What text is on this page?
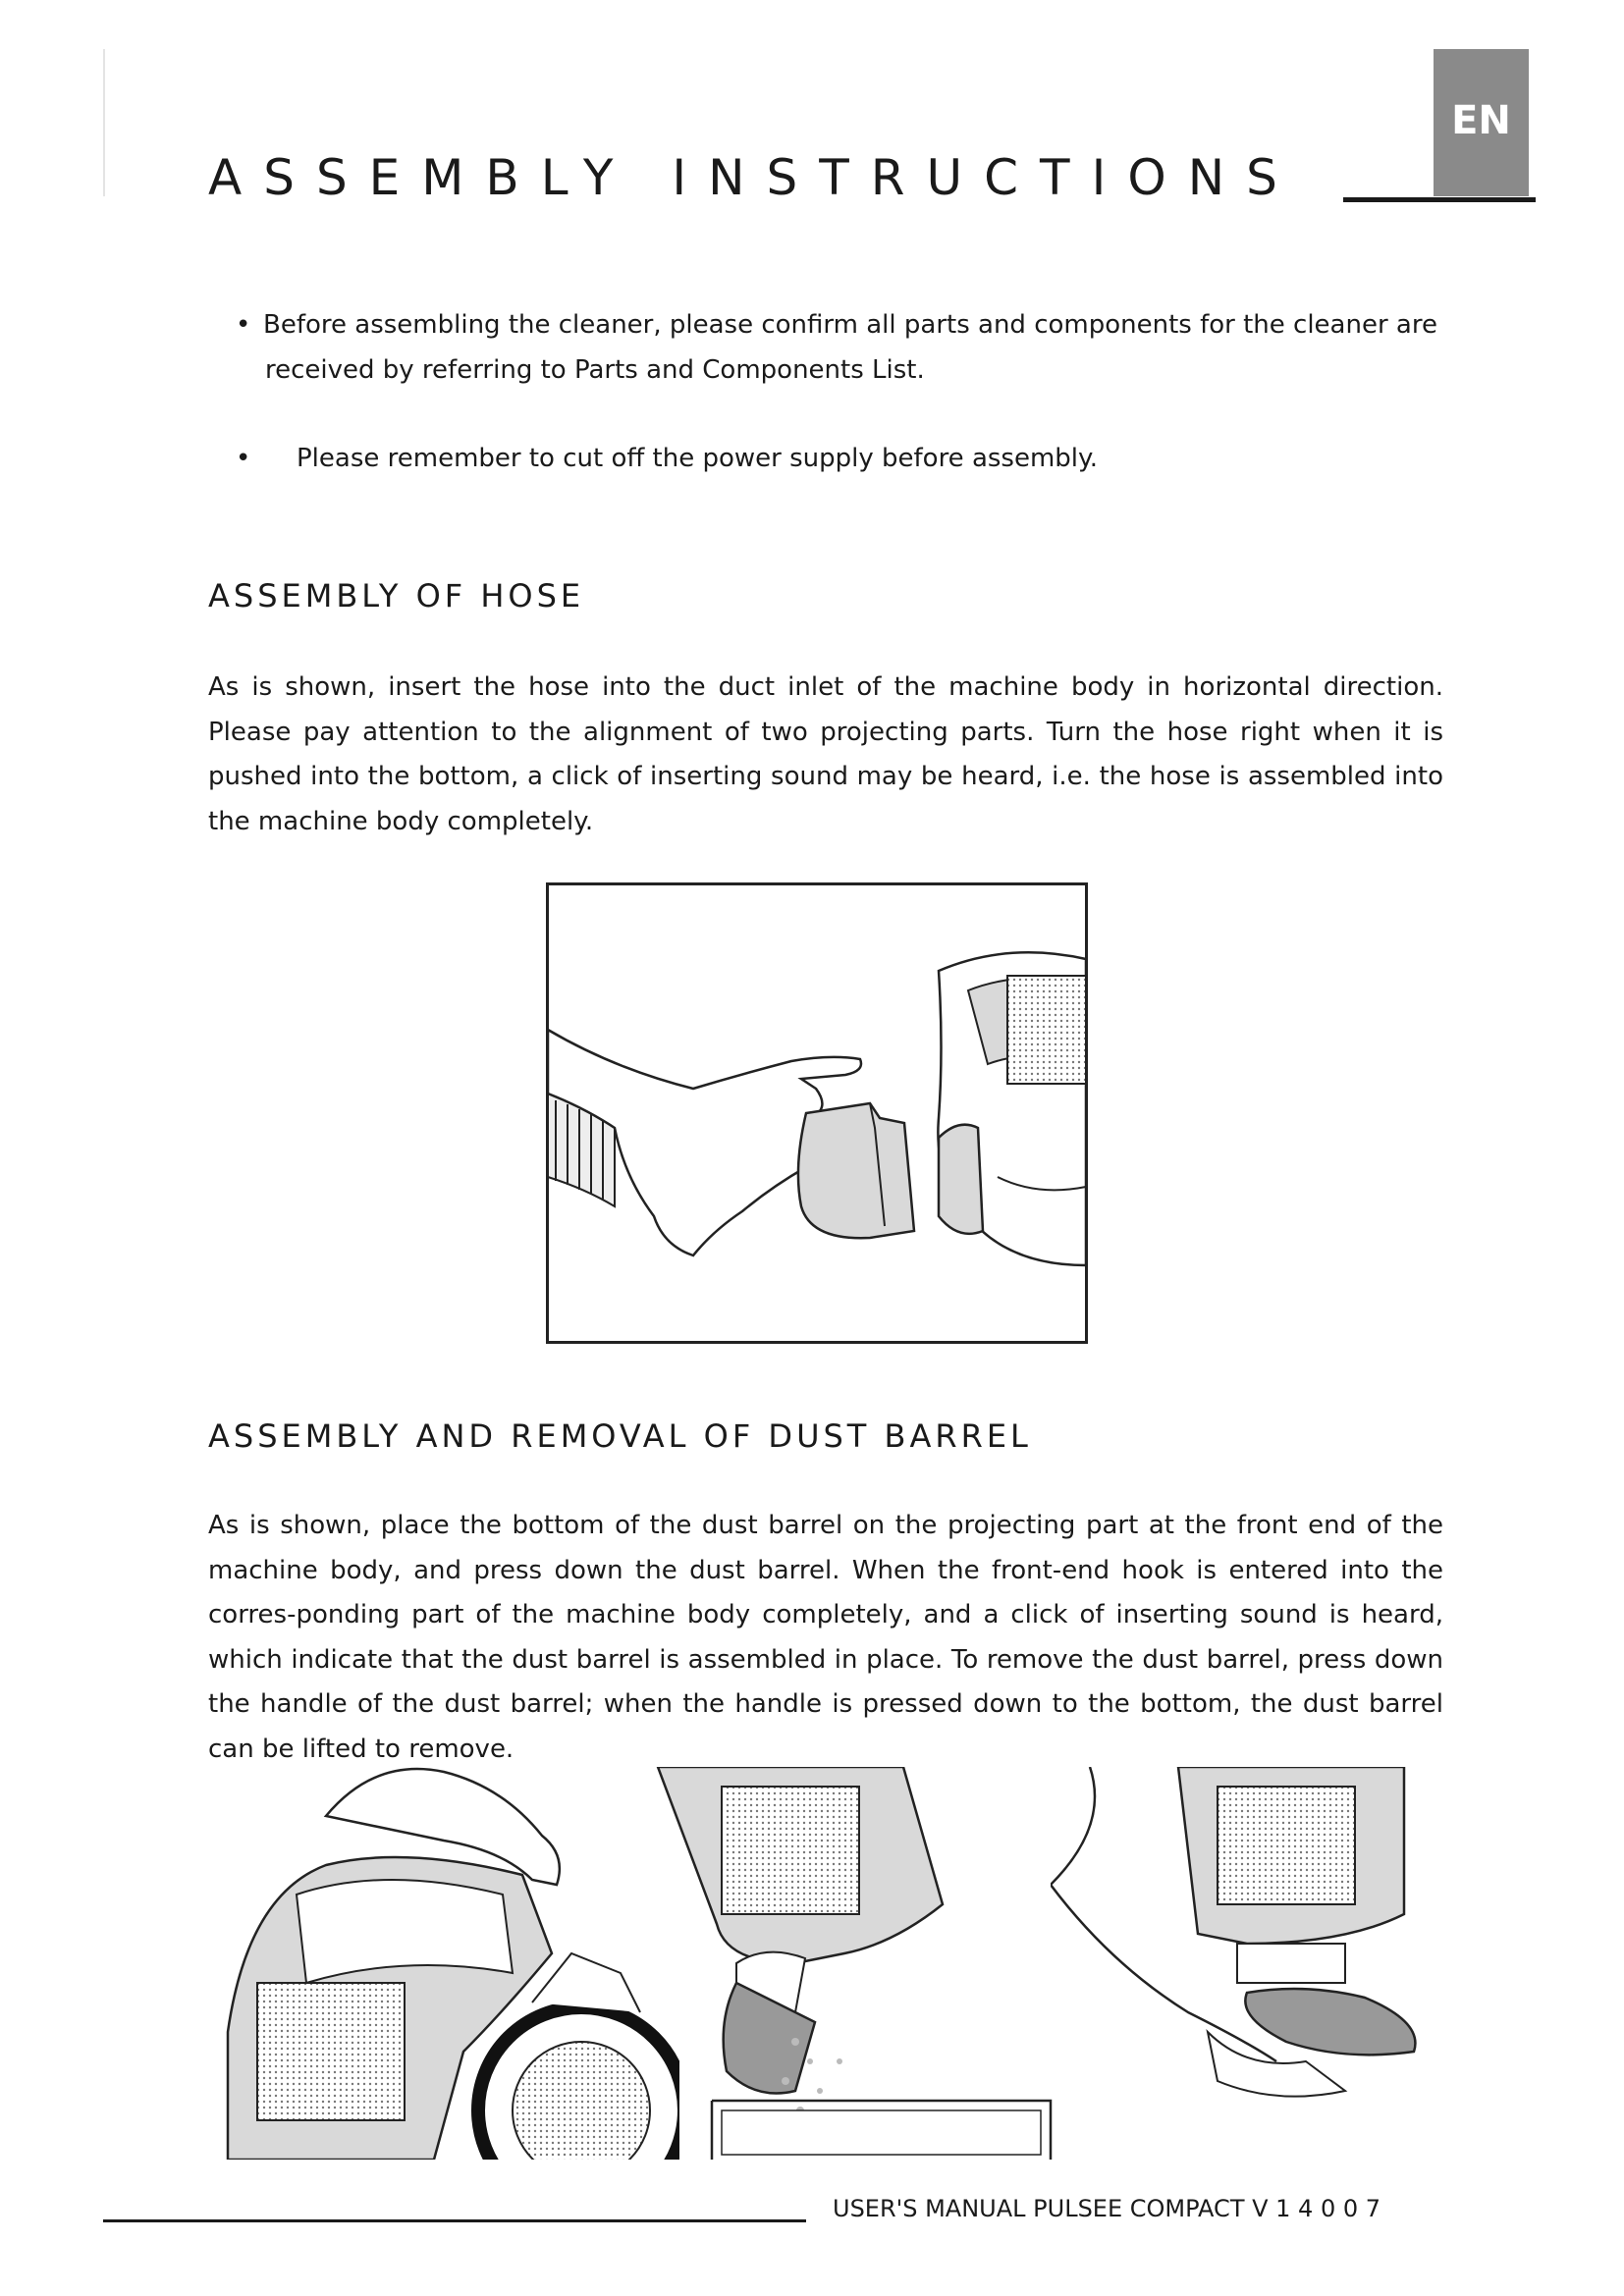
EN
ASSEMBLY INSTRUCTIONS
• Before assembling the cleaner, please confirm all parts and components for the cleaner are
received by referring to Parts and Components List.
• Please remember to cut off the power supply before assembly.
ASSEMBLY OF HOSE
As is shown, insert the hose into the duct inlet of the machine body in horizontal direction. Please pay attention to the alignment of two projecting parts. Turn the hose right when it is pushed into the bottom, a click of inserting sound may be heard, i.e. the hose is assembled into the machine body completely.
ASSEMBLY AND REMOVAL OF DUST BARREL
As is shown, place the bottom of the dust barrel on the projecting part at the front end of the machine body, and press down the dust barrel. When the front-end hook is entered into the corres-ponding part of the machine body completely, and a click of inserting sound is heard, which indicate that the dust barrel is assembled in place. To remove the dust barrel, press down the handle of the dust barrel; when the handle is pressed down to the bottom, the dust barrel can be lifted to remove.
USER'S MANUAL PULSEE COMPACT V 1 4 0 0 7
